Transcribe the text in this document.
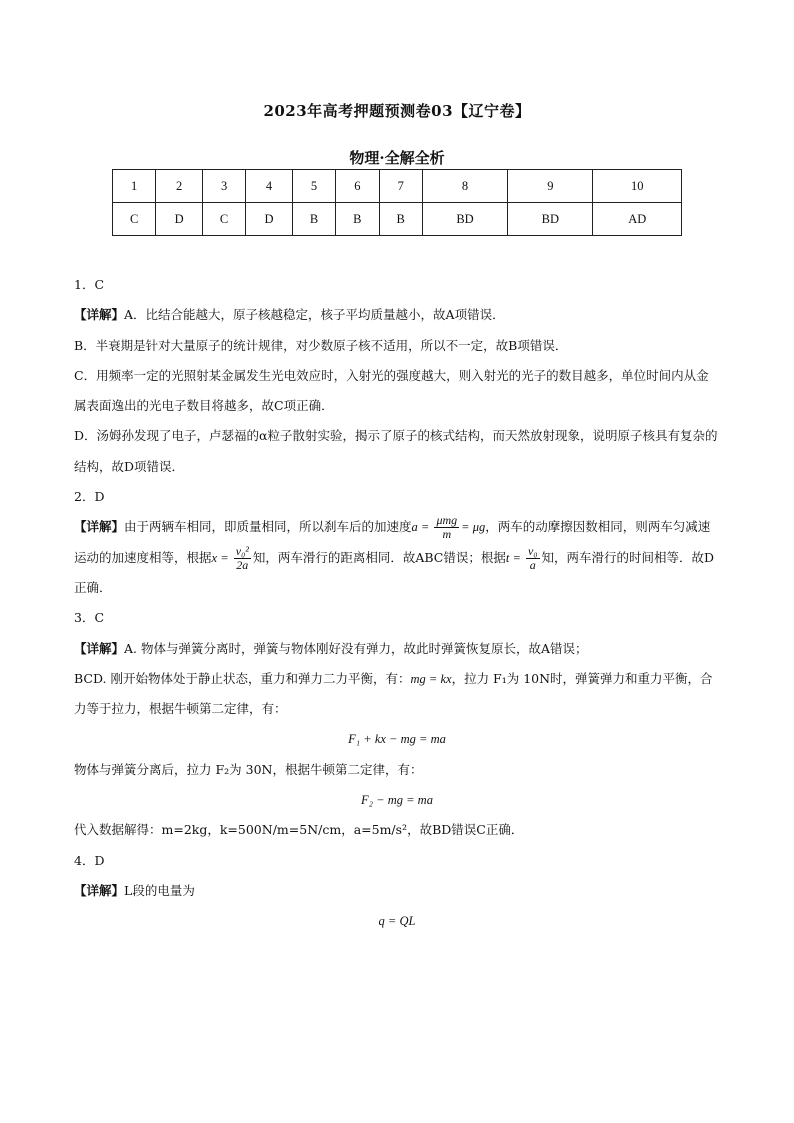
2023年高考押题预测卷03【辽宁卷】
物理·全解全析
1	2	3	4	5	6	7	8	9	10
C	D	C	D	B	B	B	BD	BD	AD

1．C

【详解】A．比结合能越大，原子核越稳定，核子平均质量越小，故A项错误．

B．半衰期是针对大量原子的统计规律，对少数原子核不适用，所以不一定，故B项错误．

C．用频率一定的光照射某金属发生光电效应时，入射光的强度越大，则入射光的光子的数目越多，单位时间内从金属表面逸出的光电子数目将越多，故C项正确．

D．汤姆孙发现了电子，卢瑟福的α粒子散射实验，揭示了原子的核式结构，而天然放射现象，说明原子核具有复杂的结构，故D项错误．

2．D

【详解】由于两辆车相同，即质量相同，所以刹车后的加速度$a = \frac{\text{μmg}}{m} = \mu g$，两车的动摩擦因数相同，则两车匀减速运动的加速度相等，根据$x = \frac{\text{v₀²}}{2a}$ 知，两车滑行的距离相同．故ABC错误；根据$t = \frac{\text{v₀}}{a}$ 知，两车滑行的时间相等．故D正确．

3．C

【详解】A. 物体与弹簧分离时，弹簧与物体刚好没有弹力，故此时弹簧恢复原长，故A错误；

BCD. 刚开始物体处于静止状态，重力和弹力二力平衡，有：mg = kx，拉力 F₁为 10N时，弹簧弹力和重力平衡，合力等于拉力，根据牛顿第二定律，有：

F₁ + kx − mg = ma

物体与弹簧分离后，拉力 F₂为 30N，根据牛顿第二定律，有：

F₂ − mg = ma

代入数据解得：m=2kg，k=500N/m=5N/cm，a=5m/s²，故BD错误C正确．

4．D

【详解】L段的电量为

q = QL
